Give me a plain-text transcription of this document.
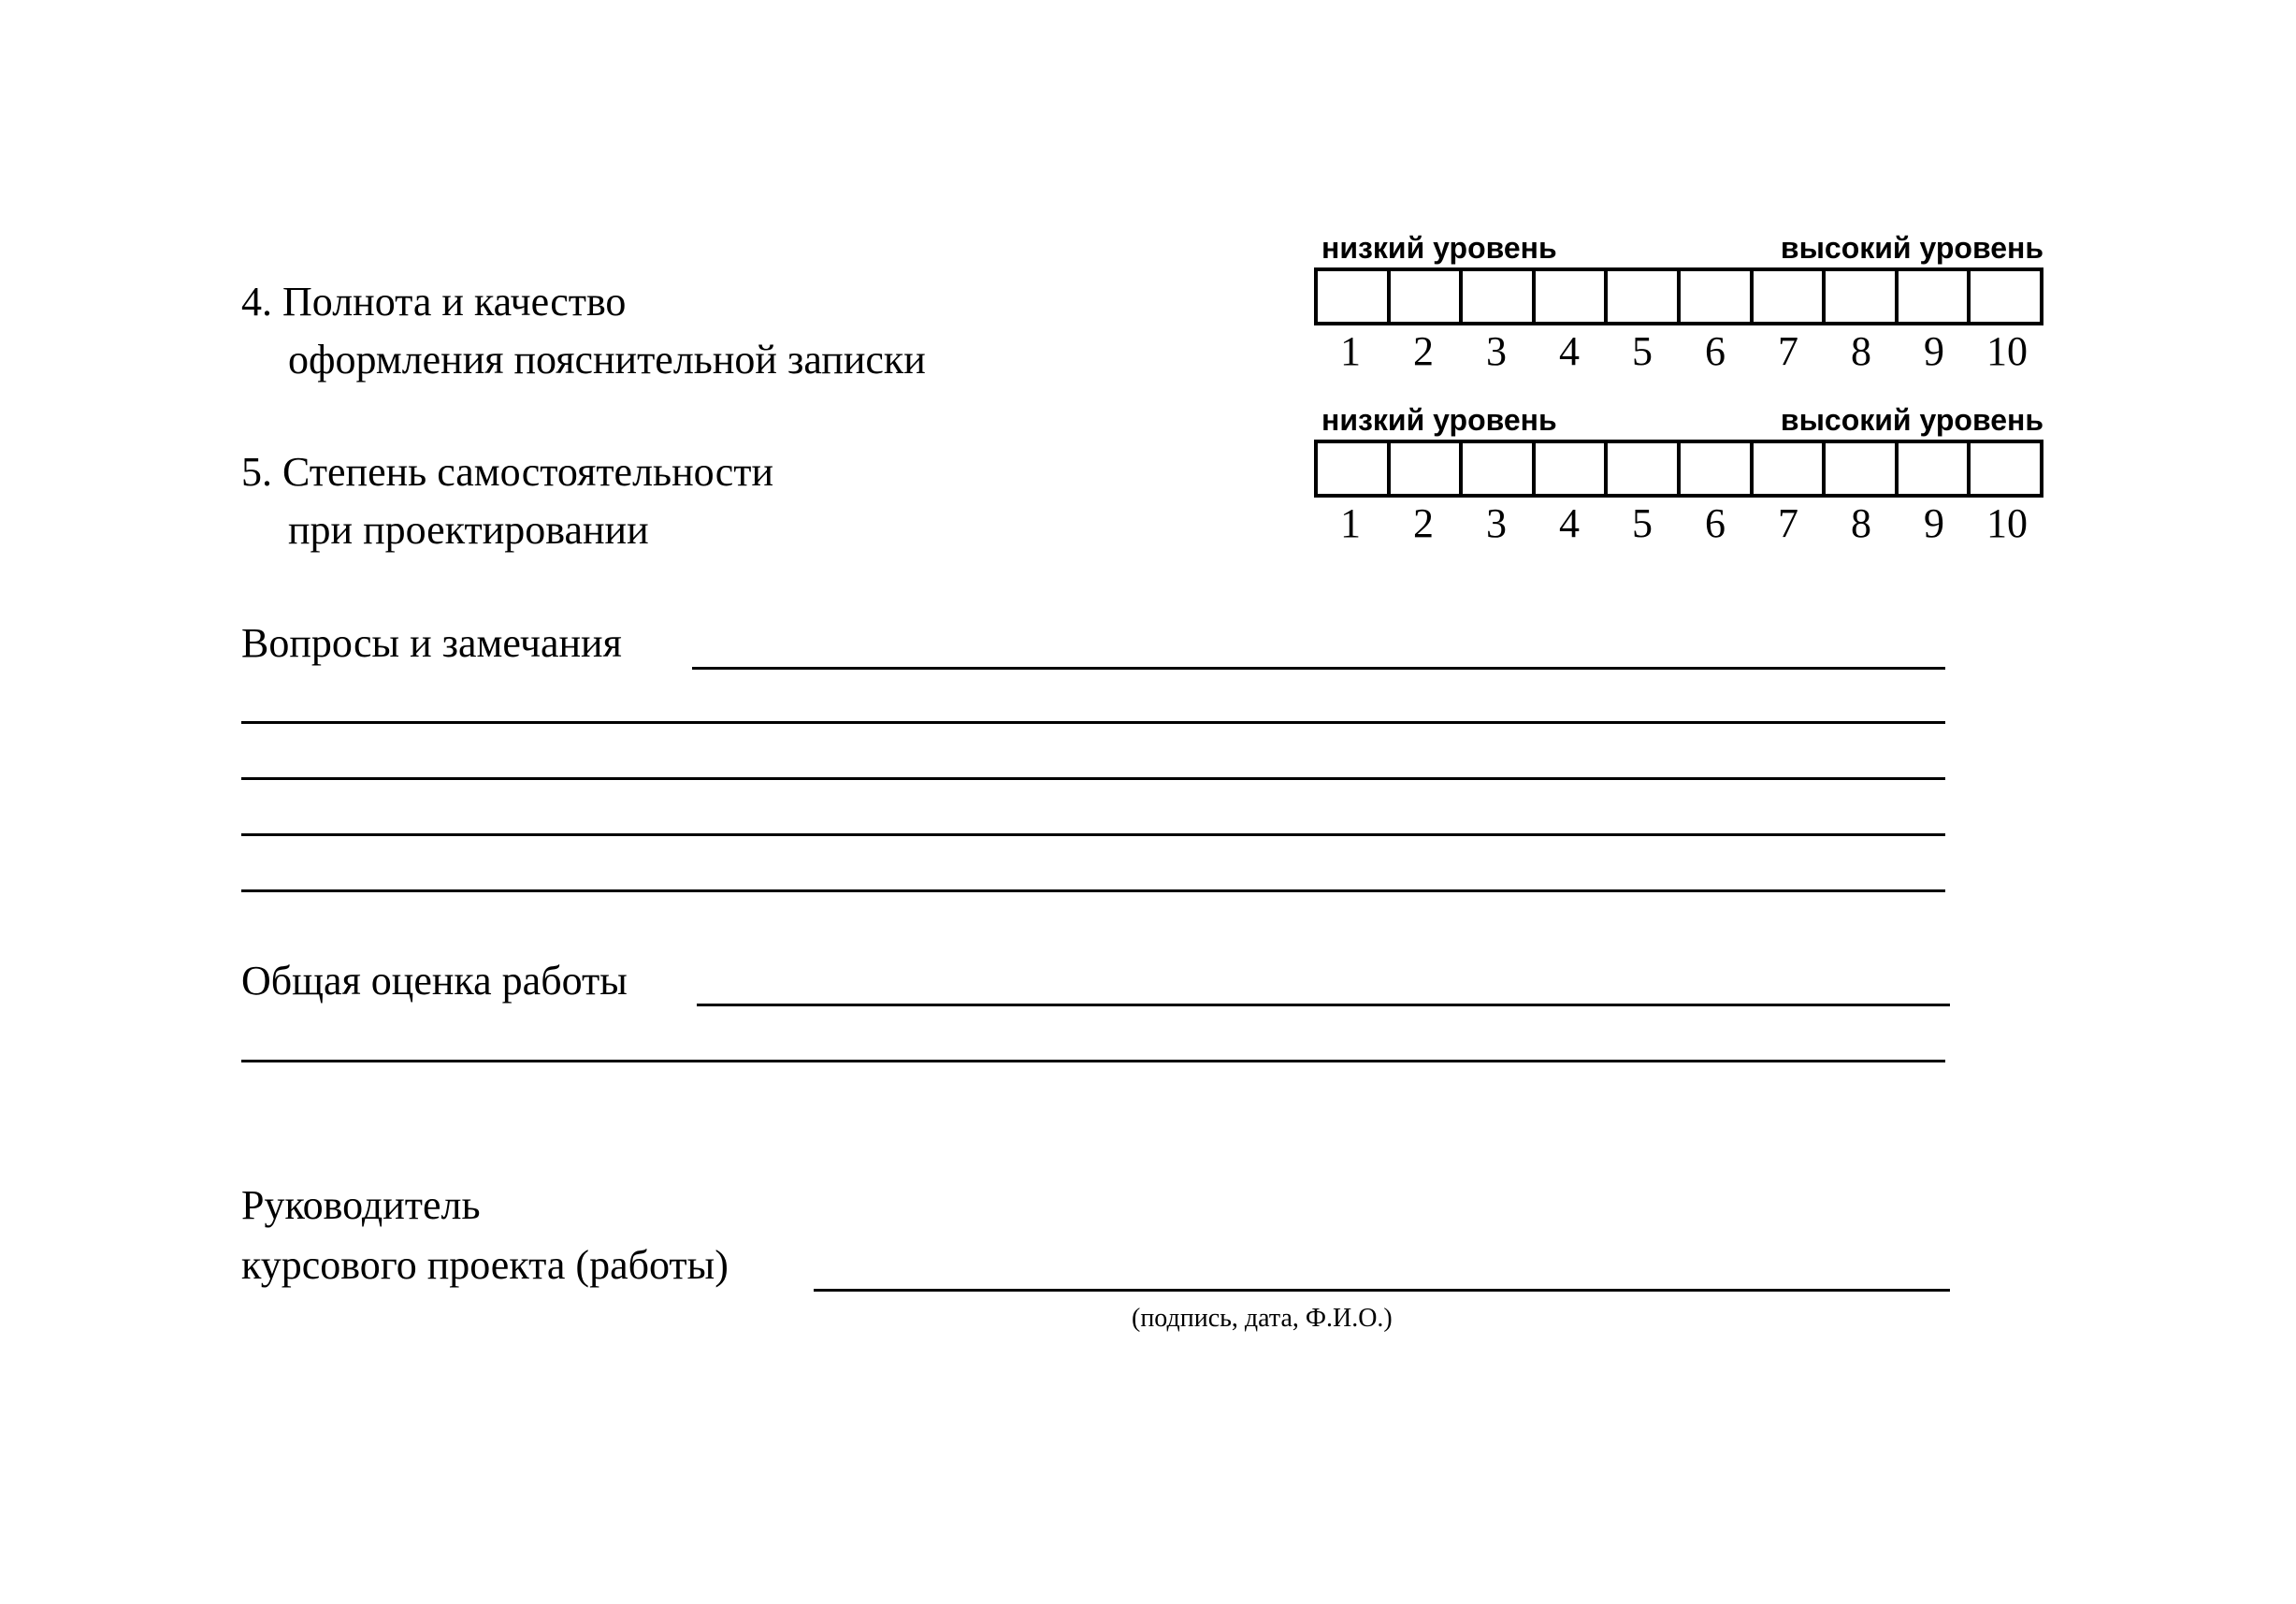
4. Полнота и качество
оформления пояснительной записки
низкий уровень	высокий уровень
1	2	3	4	5	6	7	8	9	10
5. Степень самостоятельности
при проектировании
низкий уровень	высокий уровень
1	2	3	4	5	6	7	8	9	10
Вопросы и замечания
Общая оценка работы
Руководитель
курсового проекта (работы)
(подпись, дата, Ф.И.О.)
